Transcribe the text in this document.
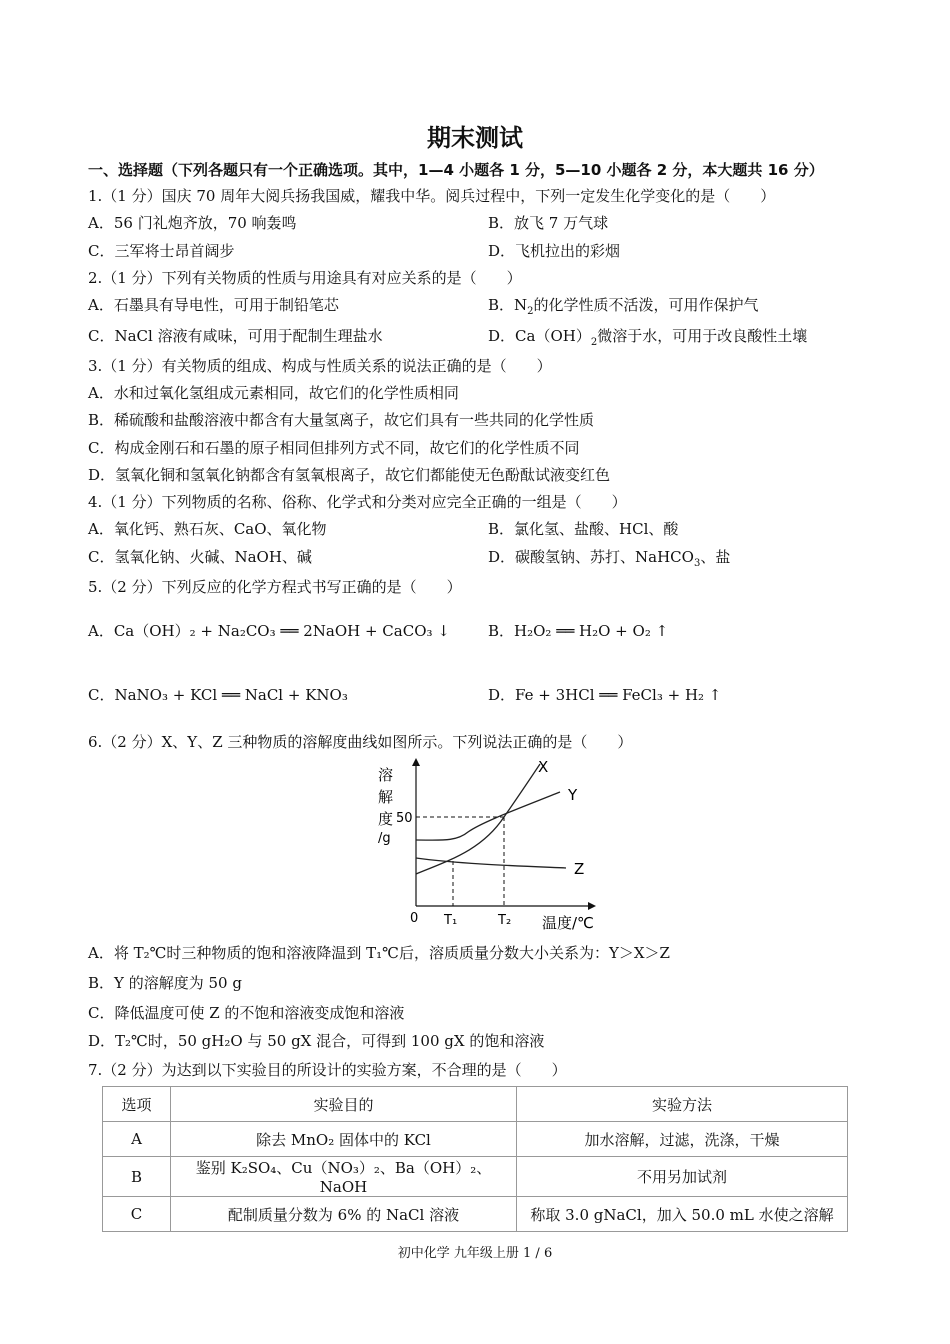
期末测试
一、选择题（下列各题只有一个正确选项。其中，1—4 小题各 1 分，5—10 小题各 2 分，本大题共 16 分）
1.（1 分）国庆 70 周年大阅兵扬我国威，耀我中华。阅兵过程中，下列一定发生化学变化的是（　　）
A．56 门礼炮齐放，70 响轰鸣	B．放飞 7 万气球
C．三军将士昂首阔步	D．飞机拉出的彩烟
2.（1 分）下列有关物质的性质与用途具有对应关系的是（　　）
A．石墨具有导电性，可用于制铅笔芯	B．$N_2$的化学性质不活泼，可用作保护气
C．NaCl 溶液有咸味，可用于配制生理盐水	D．$Ca(OH)_2$微溶于水，可用于改良酸性土壤
3.（1 分）有关物质的组成、构成与性质关系的说法正确的是（　　）
A．水和过氧化氢组成元素相同，故它们的化学性质相同
B．稀硫酸和盐酸溶液中都含有大量氢离子，故它们具有一些共同的化学性质
C．构成金刚石和石墨的原子相同但排列方式不同，故它们的化学性质不同
D．氢氧化铜和氢氧化钠都含有氢氧根离子，故它们都能使无色酚酞试液变红色
4.（1 分）下列物质的名称、俗称、化学式和分类对应完全正确的一组是（　　）
A．氧化钙、熟石灰、CaO、氧化物	B．氯化氢、盐酸、HCl、酸
C．氢氧化钠、火碱、NaOH、碱	D．碳酸氢钠、苏打、NaHCO$_3$、盐
5.（2 分）下列反应的化学方程式书写正确的是（　　）
A．Ca（OH）₂ + Na₂CO₃ ══ 2NaOH + CaCO₃ ↓	B．H₂O₂ ══ H₂O + O₂ ↑
C．NaNO₃ + KCl ══ NaCl + KNO₃	D．Fe + 3HCl ══ FeCl₃ + H₂ ↑
6.（2 分）X、Y、Z 三种物质的溶解度曲线如图所示。下列说法正确的是（　　）
溶
解
度
/g
50
0 T₁	T₂ 温度/℃
X
Y
Z
A．将 T₂℃时三种物质的饱和溶液降温到 T₁℃后，溶质质量分数大小关系为：Y＞X＞Z
B．Y 的溶解度为 50 g
C．降低温度可使 Z 的不饱和溶液变成饱和溶液
D．T₂℃时，50 gH₂O 与 50 gX 混合，可得到 100 gX 的饱和溶液
7.（2 分）为达到以下实验目的所设计的实验方案，不合理的是（　　）
选项	实验目的	实验方法
A	除去 MnO₂ 固体中的 KCl	加水溶解，过滤，洗涤，干燥
B	鉴别 K₂SO₄、Cu（NO₃）₂、Ba（OH）₂、NaOH	不用另加试剂
C	配制质量分数为 6% 的 NaCl 溶液	称取 3.0 gNaCl，加入 50.0 mL 水使之溶解
初中化学 九年级上册 1 / 6
